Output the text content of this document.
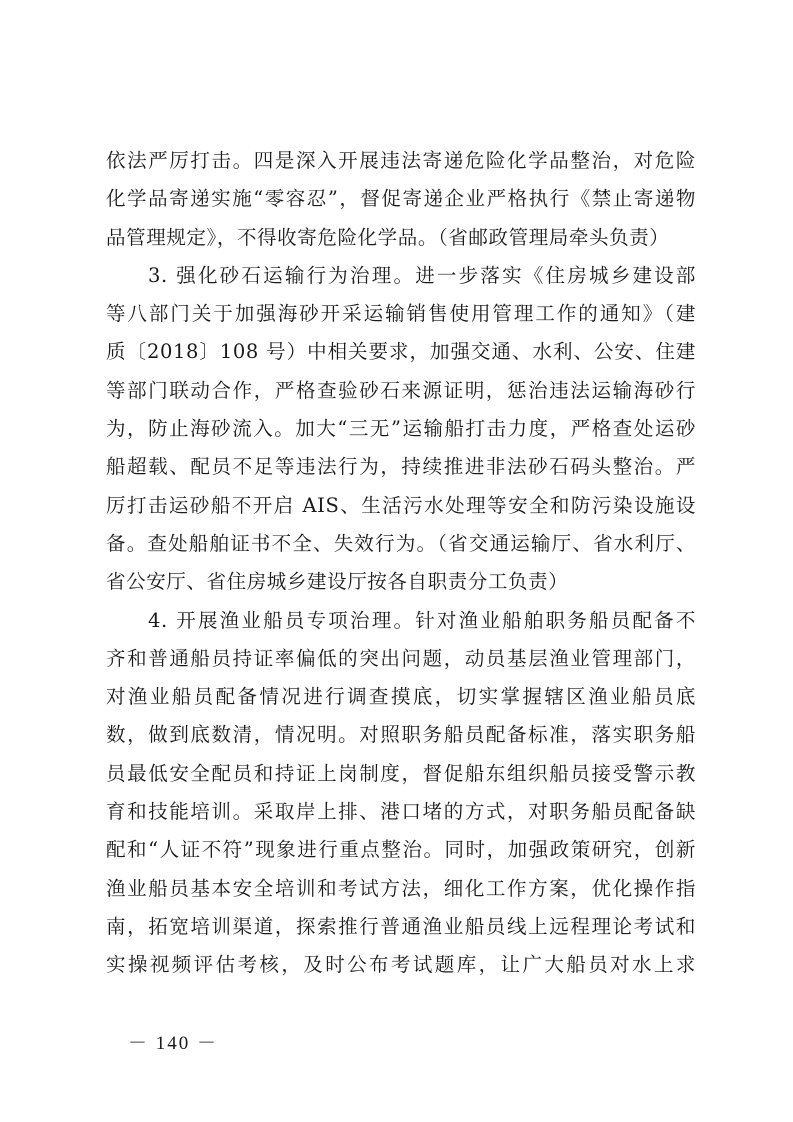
依法严厉打击。四是深入开展违法寄递危险化学品整治，对危险
化学品寄递实施“零容忍”，督促寄递企业严格执行《禁止寄递物
品管理规定》，不得收寄危险化学品。（省邮政管理局牵头负责）
3. 强化砂石运输行为治理。进一步落实《住房城乡建设部
等八部门关于加强海砂开采运输销售使用管理工作的通知》（建
质〔2018〕108 号）中相关要求，加强交通、水利、公安、住建
等部门联动合作，严格查验砂石来源证明，惩治违法运输海砂行
为，防止海砂流入。加大“三无”运输船打击力度，严格查处运砂
船超载、配员不足等违法行为，持续推进非法砂石码头整治。严
厉打击运砂船不开启 AIS、生活污水处理等安全和防污染设施设
备。查处船舶证书不全、失效行为。（省交通运输厅、省水利厅、
省公安厅、省住房城乡建设厅按各自职责分工负责）
4. 开展渔业船员专项治理。针对渔业船舶职务船员配备不
齐和普通船员持证率偏低的突出问题，动员基层渔业管理部门，
对渔业船员配备情况进行调查摸底，切实掌握辖区渔业船员底
数，做到底数清，情况明。对照职务船员配备标准，落实职务船
员最低安全配员和持证上岗制度，督促船东组织船员接受警示教
育和技能培训。采取岸上排、港口堵的方式，对职务船员配备缺
配和“人证不符”现象进行重点整治。同时，加强政策研究，创新
渔业船员基本安全培训和考试方法，细化工作方案，优化操作指
南，拓宽培训渠道，探索推行普通渔业船员线上远程理论考试和
实操视频评估考核，及时公布考试题库，让广大船员对水上求
－ 140 －
